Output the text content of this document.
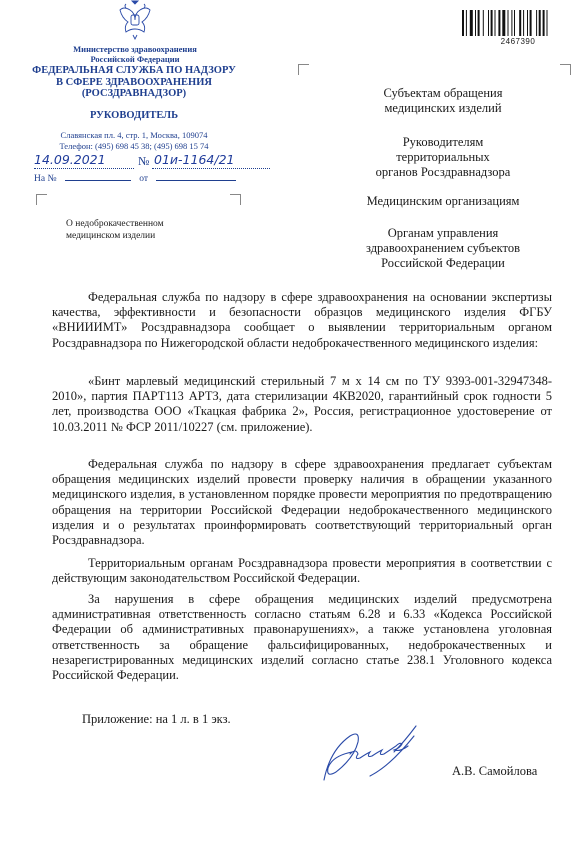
Министерство здравоохранения
Российской Федерации
ФЕДЕРАЛЬНАЯ СЛУЖБА ПО НАДЗОРУ
В СФЕРЕ ЗДРАВООХРАНЕНИЯ
(РОСЗДРАВНАДЗОР)
РУКОВОДИТЕЛЬ
Славянская пл. 4, стр. 1, Москва, 109074
Телефон: (495) 698 45 38; (495) 698 15 74
14.09.2021	№ 01и-1164/21
На №	от
О недоброкачественном
медицинском изделии
2467390
Субъектам обращения
медицинских изделий
Руководителям
территориальных
органов Росздравнадзора
Медицинским организациям
Органам управления
здравоохранением субъектов
Российской Федерации
Федеральная служба по надзору в сфере здравоохранения на основании экспертизы качества, эффективности и безопасности образцов медицинского изделия ФГБУ «ВНИИИМТ» Росздравнадзора сообщает о выявлении территориальным органом Росздравнадзора по Нижегородской области недоброкачественного медицинского изделия:
«Бинт марлевый медицинский стерильный 7 м х 14 см по ТУ 9393-001-32947348-2010», партия ПАРТ113 АРТЗ, дата стерилизации 4КВ2020, гарантийный срок годности 5 лет, производства ООО «Ткацкая фабрика 2», Россия, регистрационное удостоверение от 10.03.2011 № ФСР 2011/10227 (см. приложение).
Федеральная служба по надзору в сфере здравоохранения предлагает субъектам обращения медицинских изделий провести проверку наличия в обращении указанного медицинского изделия, в установленном порядке провести мероприятия по предотвращению обращения на территории Российской Федерации недоброкачественного медицинского изделия и о результатах проинформировать соответствующий территориальный орган Росздравнадзора.
Территориальным органам Росздравнадзора провести мероприятия в соответствии с действующим законодательством Российской Федерации.
За нарушения в сфере обращения медицинских изделий предусмотрена административная ответственность согласно статьям 6.28 и 6.33 «Кодекса Российской Федерации об административных правонарушениях», а также установлена уголовная ответственность за обращение фальсифицированных, недоброкачественных и незарегистрированных медицинских изделий согласно статье 238.1 Уголовного кодекса Российской Федерации.
Приложение: на 1 л. в 1 экз.
А.В. Самойлова
